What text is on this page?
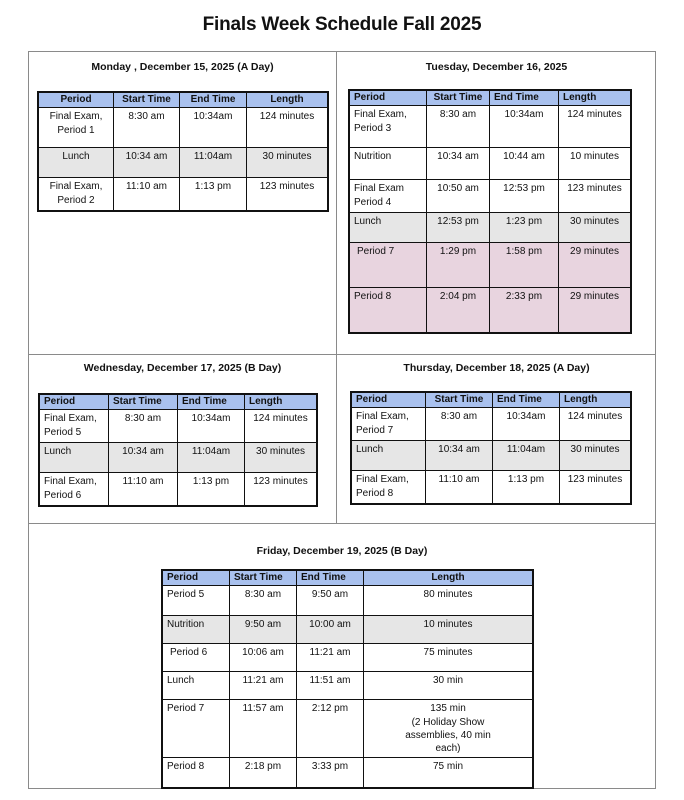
Finals Week Schedule Fall 2025
Monday , December 15, 2025 (A Day)
Period	Start Time	End Time	Length
Final Exam, Period 1	8:30 am	10:34am	124 minutes
Lunch	10:34 am	11:04am	30 minutes
Final Exam, Period 2	11:10 am	1:13 pm	123 minutes
Tuesday, December 16, 2025
Period	Start Time	End Time	Length
Final Exam, Period 3	8:30 am	10:34am	124 minutes
Nutrition	10:34 am	10:44 am	10 minutes
Final Exam Period 4	10:50 am	12:53 pm	123 minutes
Lunch	12:53 pm	1:23 pm	30 minutes
Period 7	1:29 pm	1:58 pm	29 minutes
Period 8	2:04 pm	2:33 pm	29 minutes
Wednesday, December 17, 2025 (B Day)
Period	Start Time	End Time	Length
Final Exam, Period 5	8:30 am	10:34am	124 minutes
Lunch	10:34 am	11:04am	30 minutes
Final Exam, Period 6	11:10 am	1:13 pm	123 minutes
Thursday, December 18, 2025 (A Day)
Period	Start Time	End Time	Length
Final Exam, Period 7	8:30 am	10:34am	124 minutes
Lunch	10:34 am	11:04am	30 minutes
Final Exam, Period 8	11:10 am	1:13 pm	123 minutes
Friday, December 19, 2025 (B Day)
Period	Start Time	End Time	Length
Period 5	8:30 am	9:50 am	80 minutes
Nutrition	9:50 am	10:00 am	10 minutes
Period 6	10:06 am	11:21 am	75 minutes
Lunch	11:21 am	11:51 am	30 min
Period 7	11:57 am	2:12 pm	135 min
(2 Holiday Show assemblies, 40 min each)

Period 8	2:18 pm	3:33 pm	75 min
